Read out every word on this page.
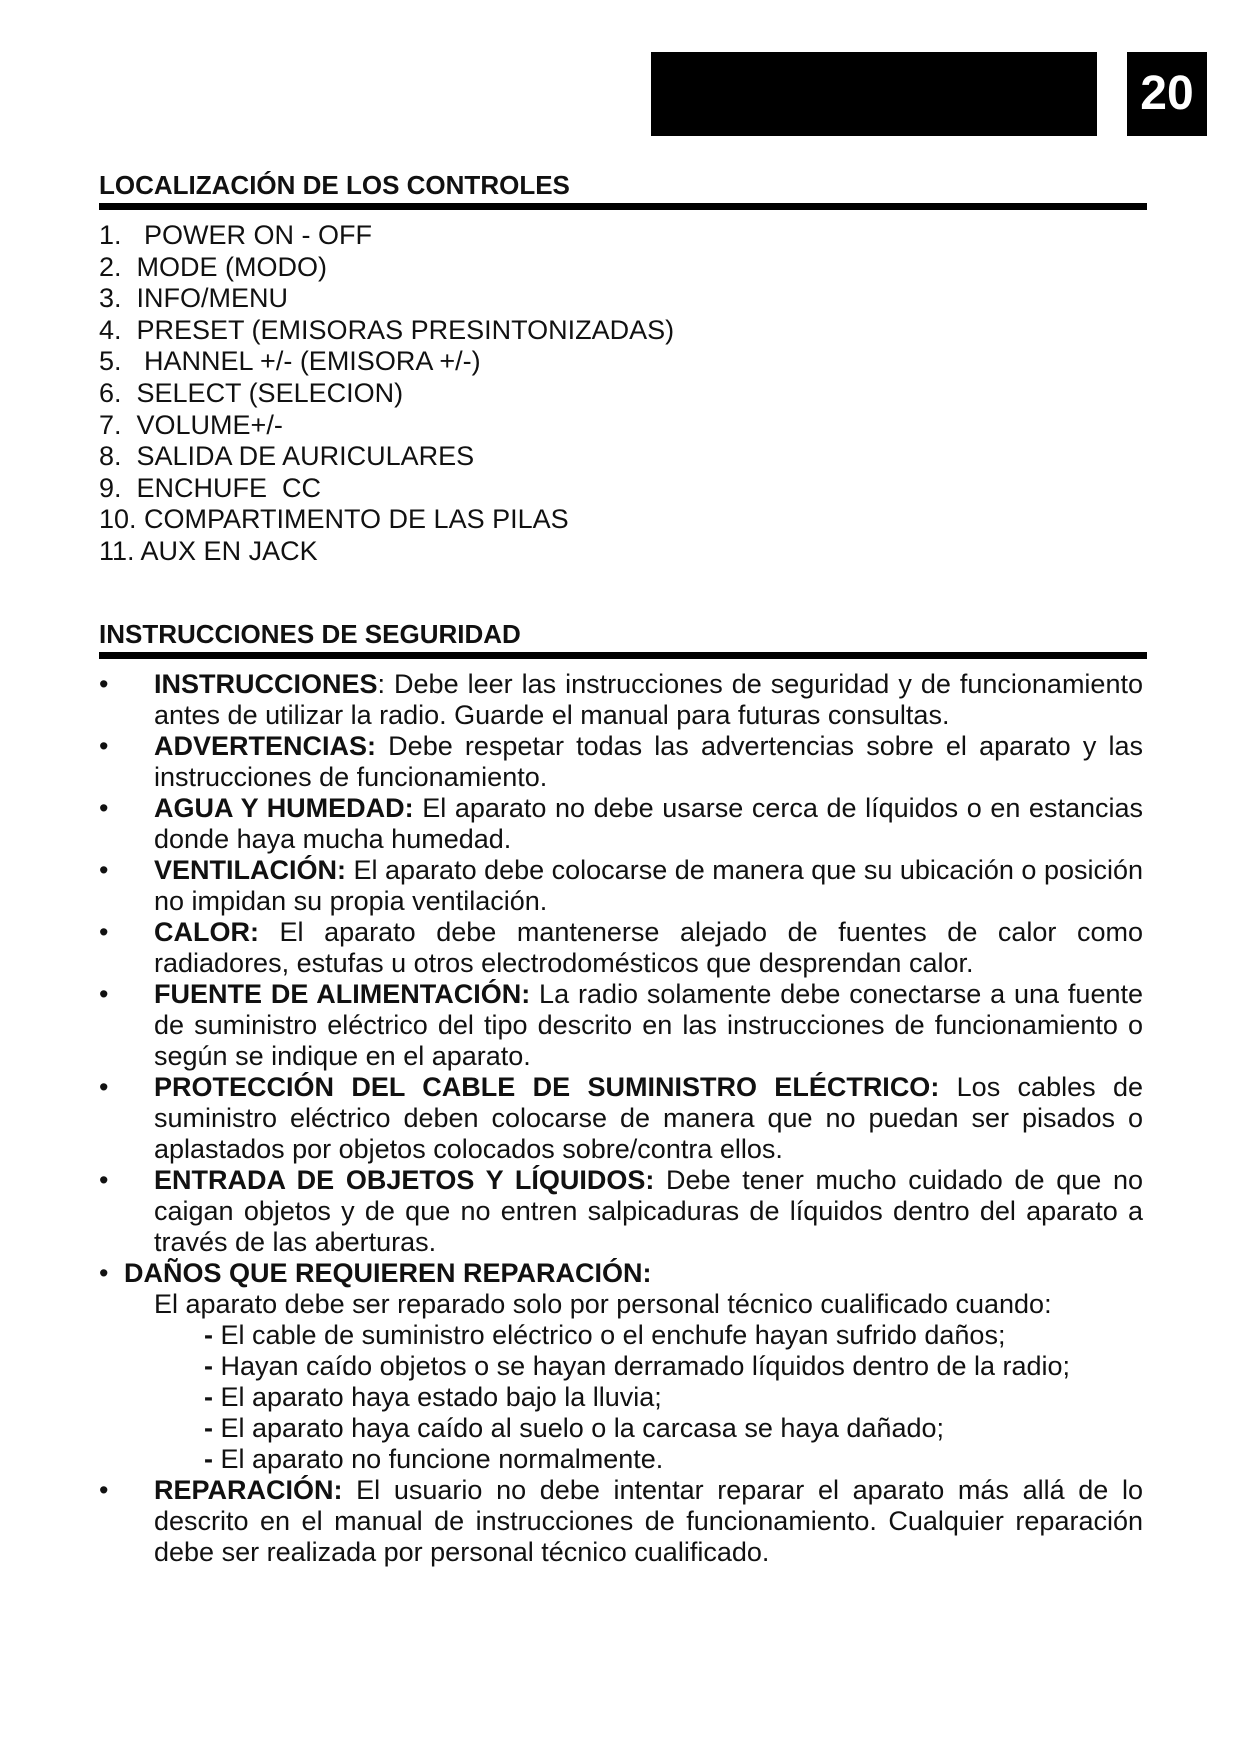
20
LOCALIZACIÓN DE LOS CONTROLES
1.   POWER ON - OFF
2.  MODE (MODO)
3.  INFO/MENU
4.  PRESET (EMISORAS PRESINTONIZADAS)
5.   HANNEL +/- (EMISORA +/-)
6.  SELECT (SELECION)
7.  VOLUME+/-
8.  SALIDA DE AURICULARES
9.  ENCHUFE  CC
10. COMPARTIMENTO DE LAS PILAS
11. AUX EN JACK
INSTRUCCIONES DE SEGURIDAD
• INSTRUCCIONES: Debe leer las instrucciones de seguridad y de funcionamiento antes de utilizar la radio. Guarde el manual para futuras consultas.
• ADVERTENCIAS: Debe respetar todas las advertencias sobre el aparato y las instrucciones de funcionamiento.
• AGUA Y HUMEDAD: El aparato no debe usarse cerca de líquidos o en estancias donde haya mucha humedad.
• VENTILACIÓN: El aparato debe colocarse de manera que su ubicación o posición no impidan su propia ventilación.
• CALOR: El aparato debe mantenerse alejado de fuentes de calor como radiadores, estufas u otros electrodomésticos que desprendan calor.
• FUENTE DE ALIMENTACIÓN: La radio solamente debe conectarse a una fuente de suministro eléctrico del tipo descrito en las instrucciones de funcionamiento o según se indique en el aparato.
• PROTECCIÓN DEL CABLE DE SUMINISTRO ELÉCTRICO: Los cables de suministro eléctrico deben colocarse de manera que no puedan ser pisados o aplastados por objetos colocados sobre/contra ellos.
• ENTRADA DE OBJETOS Y LÍQUIDOS: Debe tener mucho cuidado de que no caigan objetos y de que no entren salpicaduras de líquidos dentro del aparato a través de las aberturas.
• DAÑOS QUE REQUIEREN REPARACIÓN:
El aparato debe ser reparado solo por personal técnico cualificado cuando:
- El cable de suministro eléctrico o el enchufe hayan sufrido daños;
- Hayan caído objetos o se hayan derramado líquidos dentro de la radio;
- El aparato haya estado bajo la lluvia;
- El aparato haya caído al suelo o la carcasa se haya dañado;
- El aparato no funcione normalmente.
• REPARACIÓN: El usuario no debe intentar reparar el aparato más allá de lo descrito en el manual de instrucciones de funcionamiento. Cualquier reparación debe ser realizada por personal técnico cualificado.
